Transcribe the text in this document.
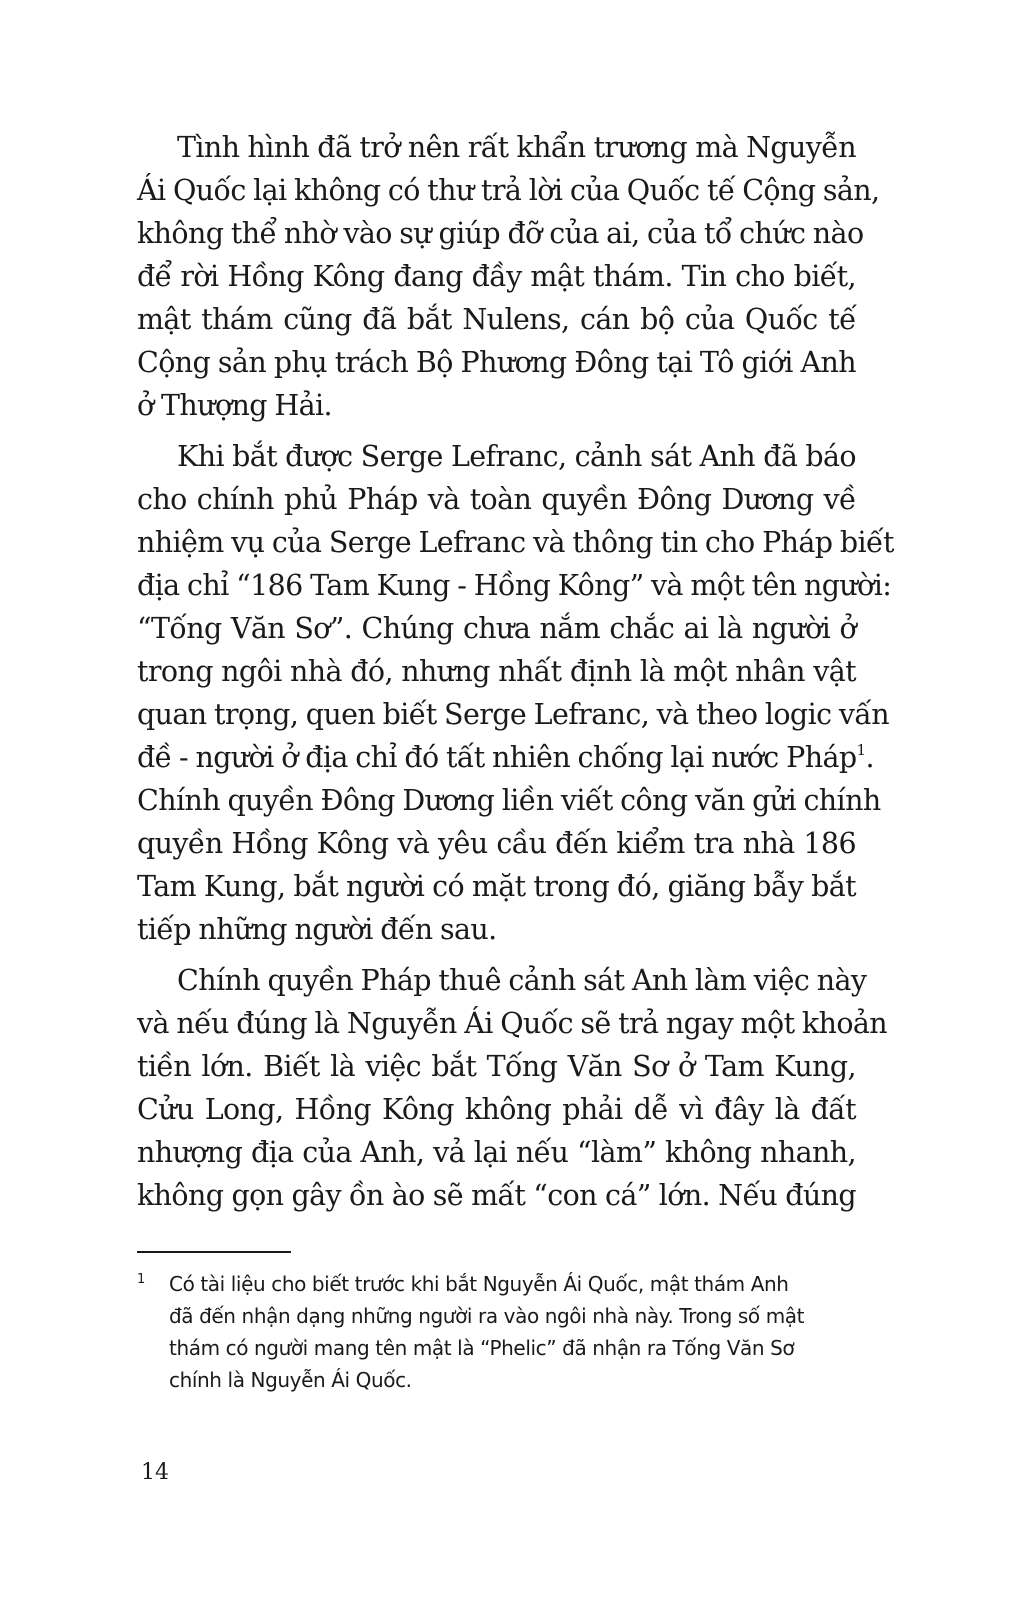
Tình hình đã trở nên rất khẩn trương mà Nguyễn
Ái Quốc lại không có thư trả lời của Quốc tế Cộng sản,
không thể nhờ vào sự giúp đỡ của ai, của tổ chức nào
để rời Hồng Kông đang đầy mật thám. Tin cho biết,
mật thám cũng đã bắt Nulens, cán bộ của Quốc tế
Cộng sản phụ trách Bộ Phương Đông tại Tô giới Anh
ở Thượng Hải.
Khi bắt được Serge Lefranc, cảnh sát Anh đã báo
cho chính phủ Pháp và toàn quyền Đông Dương về
nhiệm vụ của Serge Lefranc và thông tin cho Pháp biết
địa chỉ “186 Tam Kung - Hồng Kông” và một tên người:
“Tống Văn Sơ”. Chúng chưa nắm chắc ai là người ở
trong ngôi nhà đó, nhưng nhất định là một nhân vật
quan trọng, quen biết Serge Lefranc, và theo logic vấn
đề - người ở địa chỉ đó tất nhiên chống lại nước Pháp$^1$.
Chính quyền Đông Dương liền viết công văn gửi chính
quyền Hồng Kông và yêu cầu đến kiểm tra nhà 186
Tam Kung, bắt người có mặt trong đó, giăng bẫy bắt
tiếp những người đến sau.
Chính quyền Pháp thuê cảnh sát Anh làm việc này
và nếu đúng là Nguyễn Ái Quốc sẽ trả ngay một khoản
tiền lớn. Biết là việc bắt Tống Văn Sơ ở Tam Kung,
Cửu Long, Hồng Kông không phải dễ vì đây là đất
nhượng địa của Anh, vả lại nếu “làm” không nhanh,
không gọn gây ồn ào sẽ mất “con cá” lớn. Nếu đúng
1 Có tài liệu cho biết trước khi bắt Nguyễn Ái Quốc, mật thám Anh
đã đến nhận dạng những người ra vào ngôi nhà này. Trong số mật
thám có người mang tên mật là “Phelic” đã nhận ra Tống Văn Sơ
chính là Nguyễn Ái Quốc.
14
